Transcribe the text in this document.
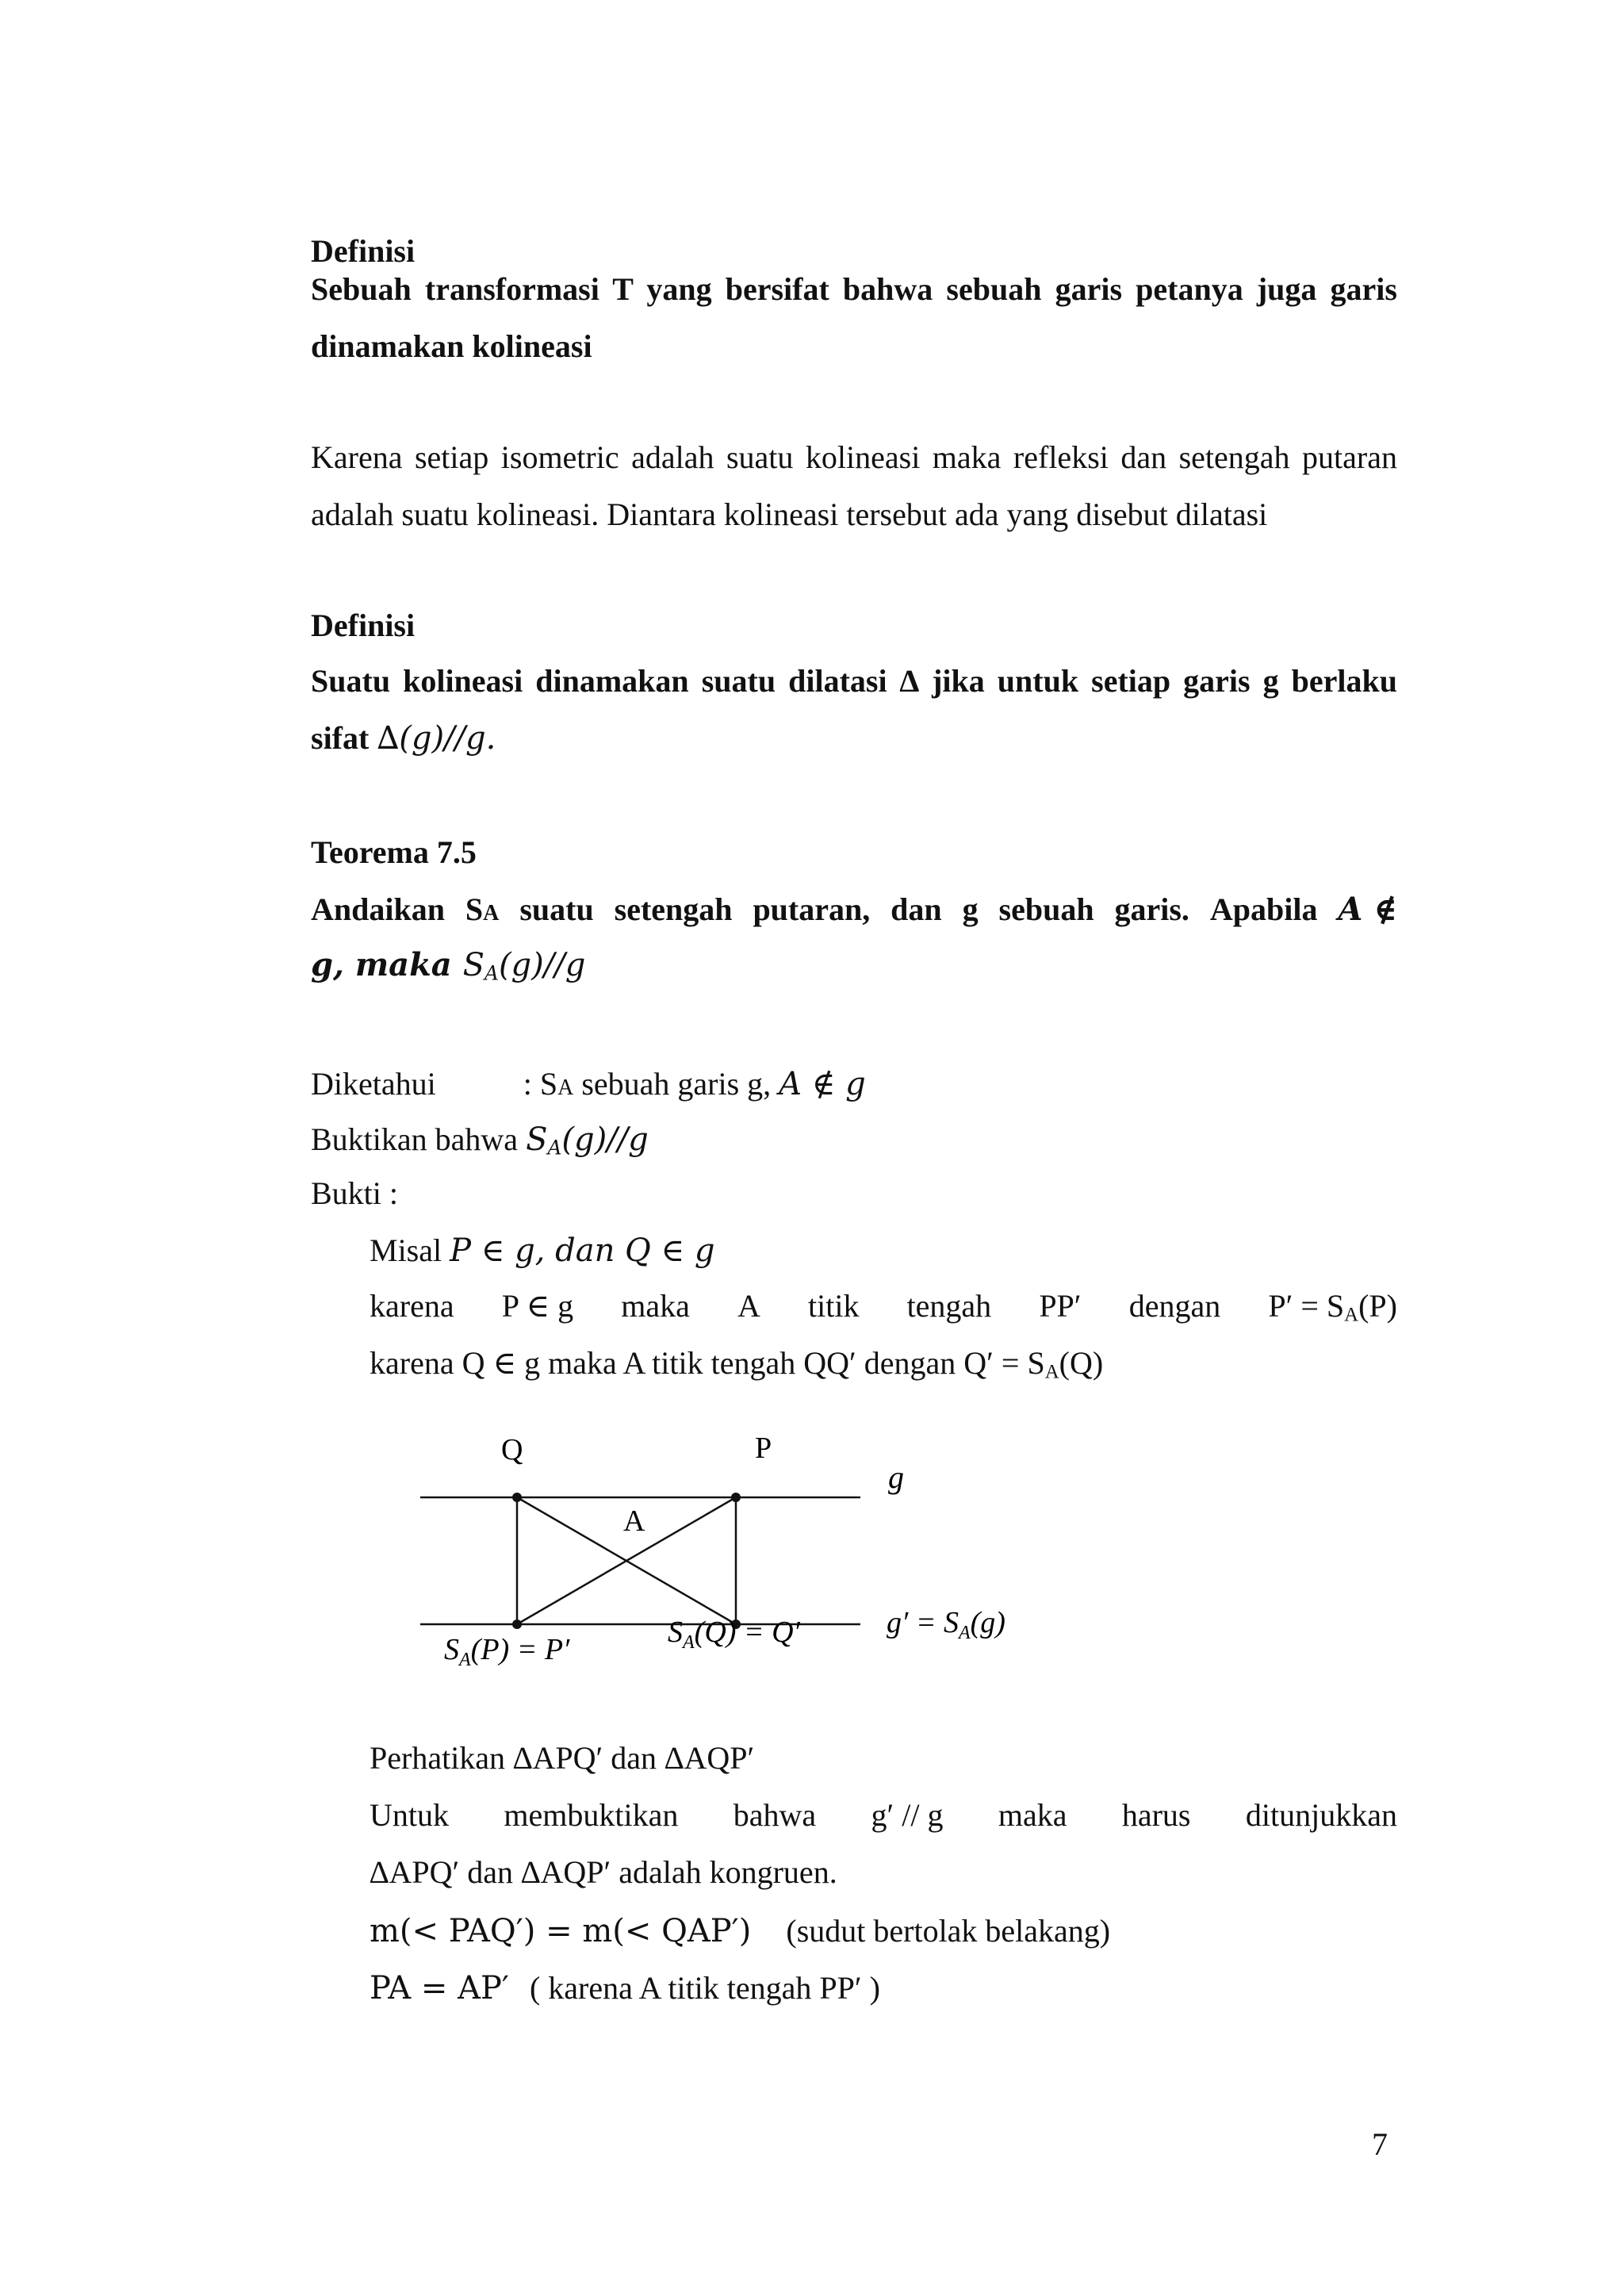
Definisi
Sebuah transformasi T yang bersifat bahwa sebuah garis petanya juga garis
dinamakan kolineasi
Karena setiap isometric adalah suatu kolineasi maka refleksi dan setengah putaran
adalah suatu kolineasi. Diantara kolineasi tersebut ada yang disebut dilatasi
Definisi
Suatu kolineasi dinamakan suatu dilatasi ∆ jika untuk setiap garis g berlaku
sifat ∆(g)//g.
Teorema 7.5
Andaikan SA suatu setengah putaran, dan g sebuah garis. Apabila A ∉
g, maka $S_A(g)//g$
Diketahui	: SA sebuah garis g, A ∉ g
Buktikan bahwa $S_A(g)//g$
Bukti :
Misal P ∈ g, dan Q ∈ g
karena P ∈ g maka A titik tengah PP′ dengan $P' = S_A(P)$
karena Q ∈ g maka A titik tengah QQ′ dengan $Q' = S_A(Q)$
Q	P
A
g
$g' = S_A(g)$
$S_A(P) = P'$
$S_A(Q) = Q'$
Perhatikan ∆APQ′ dan ∆AQP′
Untuk membuktikan bahwa g′ // g maka harus ditunjukkan
∆APQ′ dan ∆AQP′ adalah kongruen.
m(< PAQ′) = m(< QAP′) (sudut bertolak belakang)
PA = AP′ ( karena A titik tengah PP′ )
7
